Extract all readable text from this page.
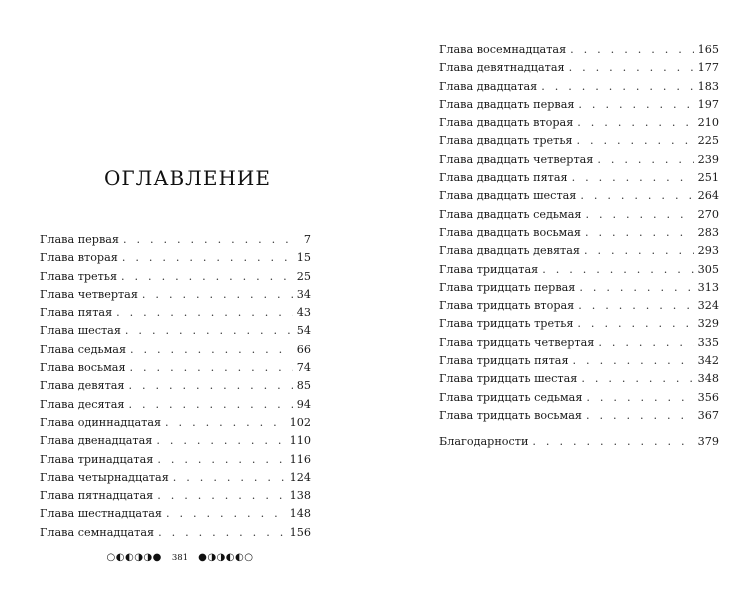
ОГЛАВЛЕНИЕ
Глава первая . . .	7
Глава вторая . . .	15
Глава третья . . .	25
Глава четвертая . . .	34
Глава пятая . . .	43
Глава шестая . . .	54
Глава седьмая . . .	66
Глава восьмая . . .	74
Глава девятая . . .	85
Глава десятая . . .	94
Глава одиннадцатая . . .	102
Глава двенадцатая . . .	110
Глава тринадцатая . . .	116
Глава четырнадцатая . . .	124
Глава пятнадцатая . . .	138
Глава шестнадцатая . . .	148
Глава семнадцатая . . .	156
○◐◐◑◑● 381 ●◑◑◐◐○
Глава восемнадцатая . . .	165
Глава девятнадцатая . . .	177
Глава двадцатая . . .	183
Глава двадцать первая . . .	197
Глава двадцать вторая . . .	210
Глава двадцать третья . . .	225
Глава двадцать четвертая . . .	239
Глава двадцать пятая . . .	251
Глава двадцать шестая . . .	264
Глава двадцать седьмая . . .	270
Глава двадцать восьмая . . .	283
Глава двадцать девятая . . .	293
Глава тридцатая . . .	305
Глава тридцать первая . . .	313
Глава тридцать вторая . . .	324
Глава тридцать третья . . .	329
Глава тридцать четвертая . . .	335
Глава тридцать пятая . . .	342
Глава тридцать шестая . . .	348
Глава тридцать седьмая . . .	356
Глава тридцать восьмая . . .	367
Благодарности . . .	379
